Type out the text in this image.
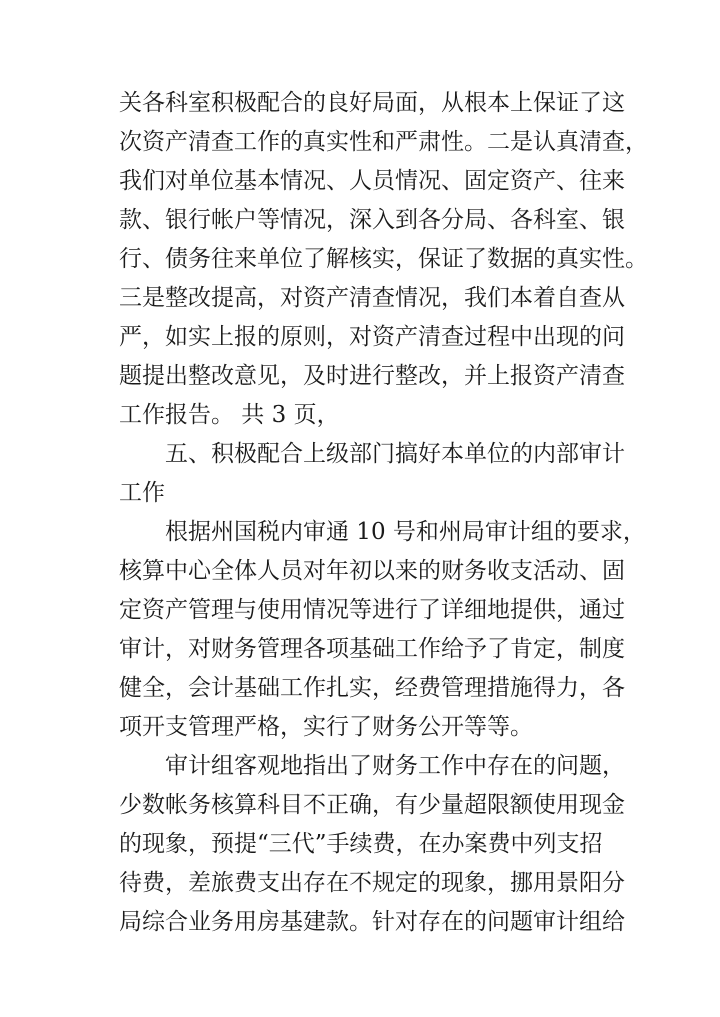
关各科室积极配合的良好局面，从根本上保证了这

次资产清查工作的真实性和严肃性。二是认真清查，

我们对单位基本情况、人员情况、固定资产、往来

款、银行帐户等情况，深入到各分局、各科室、银

行、债务往来单位了解核实，保证了数据的真实性。

三是整改提高，对资产清查情况，我们本着自查从

严，如实上报的原则，对资产清查过程中出现的问

题提出整改意见，及时进行整改，并上报资产清查

工作报告。 共 3 页，

五、积极配合上级部门搞好本单位的内部审计

工作

根据州国税内审通 10 号和州局审计组的要求，

核算中心全体人员对年初以来的财务收支活动、固

定资产管理与使用情况等进行了详细地提供，通过

审计，对财务管理各项基础工作给予了肯定，制度

健全，会计基础工作扎实，经费管理措施得力，各

项开支管理严格，实行了财务公开等等。

审计组客观地指出了财务工作中存在的问题，

少数帐务核算科目不正确，有少量超限额使用现金

的现象，预提“三代”手续费，在办案费中列支招

待费，差旅费支出存在不规定的现象，挪用景阳分

局综合业务用房基建款。针对存在的问题审计组给
